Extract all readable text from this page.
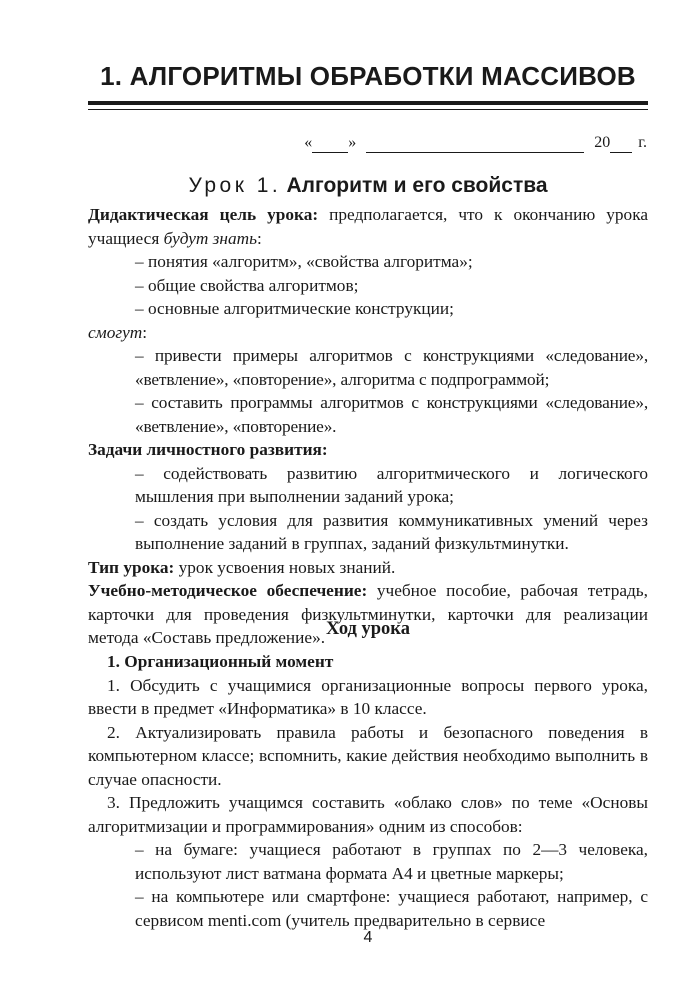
1. АЛГОРИТМЫ ОБРАБОТКИ МАССИВОВ
« »	20 г.
Урок 1. Алгоритм и его свойства

Дидактическая цель урока: предполагается, что к окончанию урока учащиеся будут знать:

– понятия «алгоритм», «свойства алгоритма»;

– общие свойства алгоритмов;

– основные алгоритмические конструкции;

смогут:

– привести примеры алгоритмов с конструкциями «следование», «ветвление», «повторение», алгоритма с подпрограммой;

– составить программы алгоритмов с конструкциями «следование», «ветвление», «повторение».

Задачи личностного развития:

– содействовать развитию алгоритмического и логического мышления при выполнении заданий урока;

– создать условия для развития коммуникативных умений через выполнение заданий в группах, заданий физкультминутки.

Тип урока: урок усвоения новых знаний.

Учебно-методическое обеспечение: учебное пособие, рабочая тетрадь, карточки для проведения физкультминутки, карточки для реализации метода «Составь предложение». Ход урока

1. Организационный момент

1. Обсудить с учащимися организационные вопросы первого урока, ввести в предмет «Информатика» в 10 классе.

2. Актуализировать правила работы и безопасного поведения в компьютерном классе; вспомнить, какие действия необходимо выполнить в случае опасности.

3. Предложить учащимся составить «облако слов» по теме «Основы алгоритмизации и программирования» одним из способов:

– на бумаге: учащиеся работают в группах по 2—3 человека, используют лист ватмана формата А4 и цветные маркеры;

– на компьютере или смартфоне: учащиеся работают, например, с сервисом menti.com (учитель предварительно в сервисе

4
